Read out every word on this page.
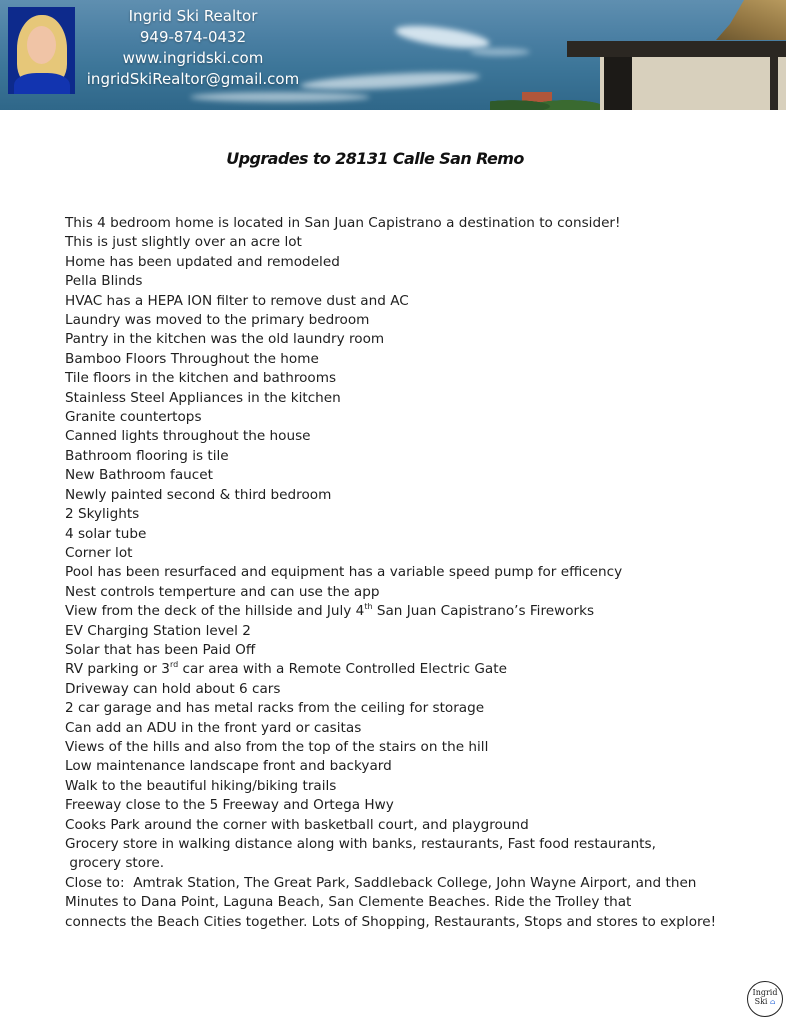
Ingrid Ski Realtor
949-874-0432
www.ingridski.com
ingridSkiRealtor@gmail.com
Upgrades to 28131 Calle San Remo
This 4 bedroom home is located in San Juan Capistrano a destination to consider!
This is just slightly over an acre lot
Home has been updated and remodeled
Pella Blinds
HVAC has a HEPA ION filter to remove dust and AC
Laundry was moved to the primary bedroom
Pantry in the kitchen was the old laundry room
Bamboo Floors Throughout the home
Tile floors in the kitchen and bathrooms
Stainless Steel Appliances in the kitchen
Granite countertops
Canned lights throughout the house
Bathroom flooring is tile
New Bathroom faucet
Newly painted second & third bedroom
2 Skylights
4 solar tube
Corner lot
Pool has been resurfaced and equipment has a variable speed pump for efficency
Nest controls temperture and can use the app
View from the deck of the hillside and July 4th San Juan Capistrano’s Fireworks
EV Charging Station level 2
Solar that has been Paid Off
RV parking or 3rd car area with a Remote Controlled Electric Gate
Driveway can hold about 6 cars
2 car garage and has metal racks from the ceiling for storage
Can add an ADU in the front yard or casitas
Views of the hills and also from the top of the stairs on the hill
Low maintenance landscape front and backyard
Walk to the beautiful hiking/biking trails
Freeway close to the 5 Freeway and Ortega Hwy
Cooks Park around the corner with basketball court, and playground
Grocery store in walking distance along with banks, restaurants, Fast food restaurants,
grocery store.
Close to:  Amtrak Station, The Great Park, Saddleback College, John Wayne Airport, and then
Minutes to Dana Point, Laguna Beach, San Clemente Beaches. Ride the Trolley that
connects the Beach Cities together. Lots of Shopping, Restaurants, Stops and stores to explore!
Ingrid
Ski ⌂
